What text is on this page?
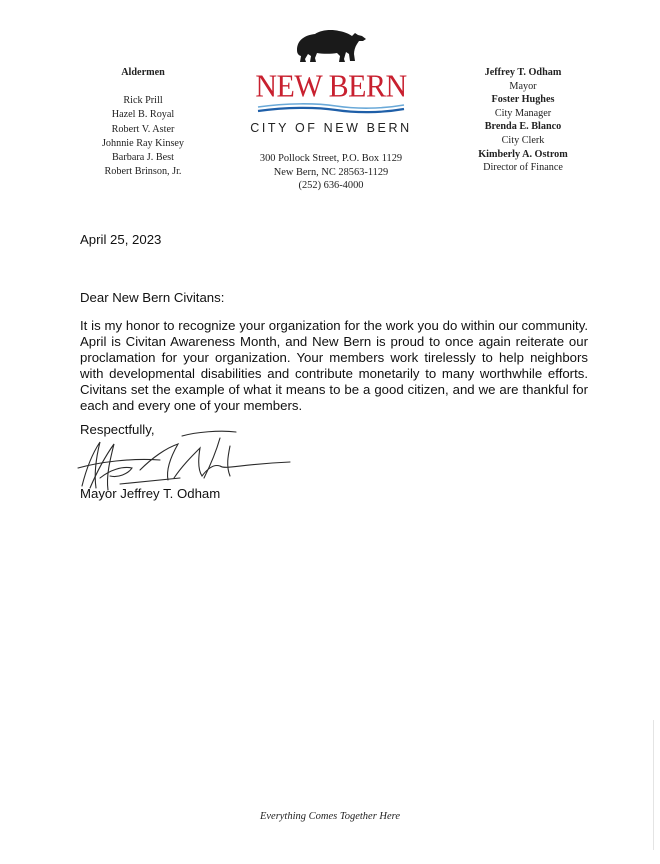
Aldermen
Rick Prill
Hazel B. Royal
Robert V. Aster
Johnnie Ray Kinsey
Barbara J. Best
Robert Brinson, Jr.
NEW BERN
CITY OF NEW BERN
300 Pollock Street, P.O. Box 1129
New Bern, NC 28563-1129
(252) 636-4000
Jeffrey T. Odham
Mayor
Foster Hughes
City Manager
Brenda E. Blanco
City Clerk
Kimberly A. Ostrom
Director of Finance
April 25, 2023
Dear New Bern Civitans:

It is my honor to recognize your organization for the work you do within our community. April is Civitan Awareness Month, and New Bern is proud to once again reiterate our proclamation for your organization. Your members work tirelessly to help neighbors with developmental disabilities and contribute monetarily to many worthwhile efforts. Civitans set the example of what it means to be a good citizen, and we are thankful for each and every one of your members.

Respectfully,
Mayor Jeffrey T. Odham
Everything Comes Together Here
